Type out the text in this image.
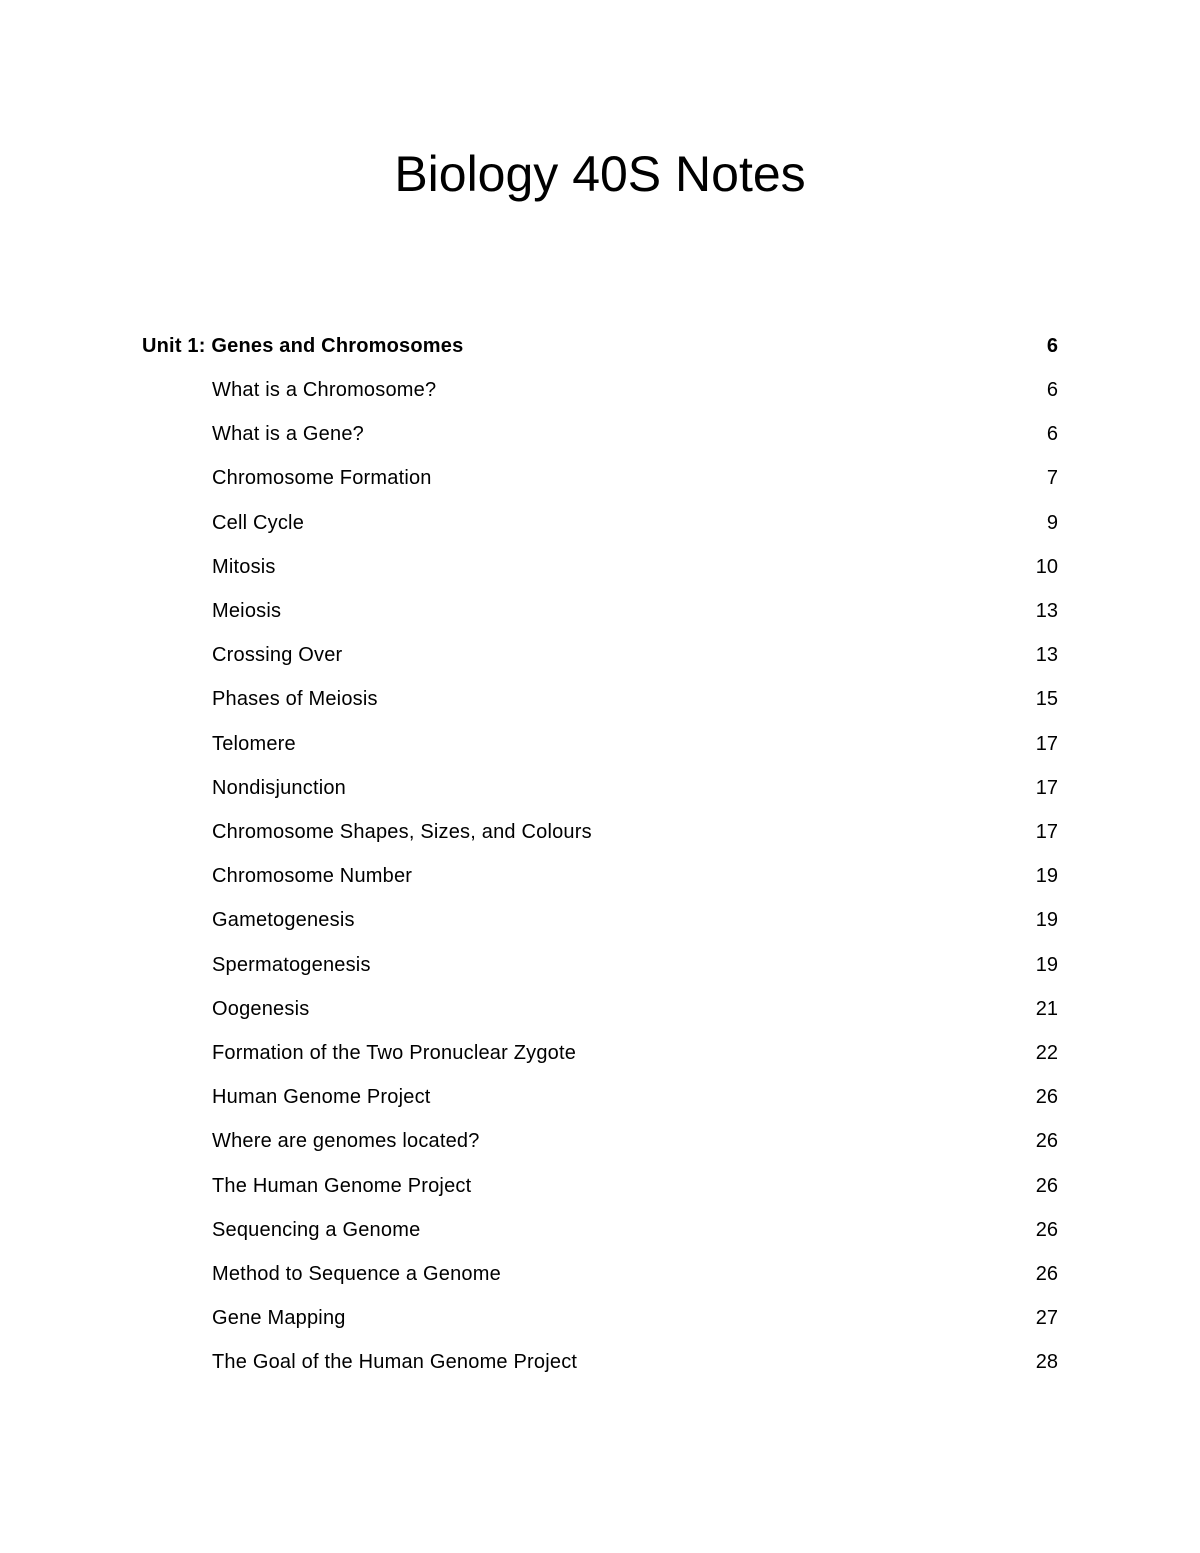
Biology 40S Notes
Unit 1: Genes and Chromosomes	6
What is a Chromosome?	6
What is a Gene?	6
Chromosome Formation	7
Cell Cycle	9
Mitosis	10
Meiosis	13
Crossing Over	13
Phases of Meiosis	15
Telomere	17
Nondisjunction	17
Chromosome Shapes, Sizes, and Colours	17
Chromosome Number	19
Gametogenesis	19
Spermatogenesis	19
Oogenesis	21
Formation of the Two Pronuclear Zygote	22
Human Genome Project	26
Where are genomes located?	26
The Human Genome Project	26
Sequencing a Genome	26
Method to Sequence a Genome	26
Gene Mapping	27
The Goal of the Human Genome Project	28
